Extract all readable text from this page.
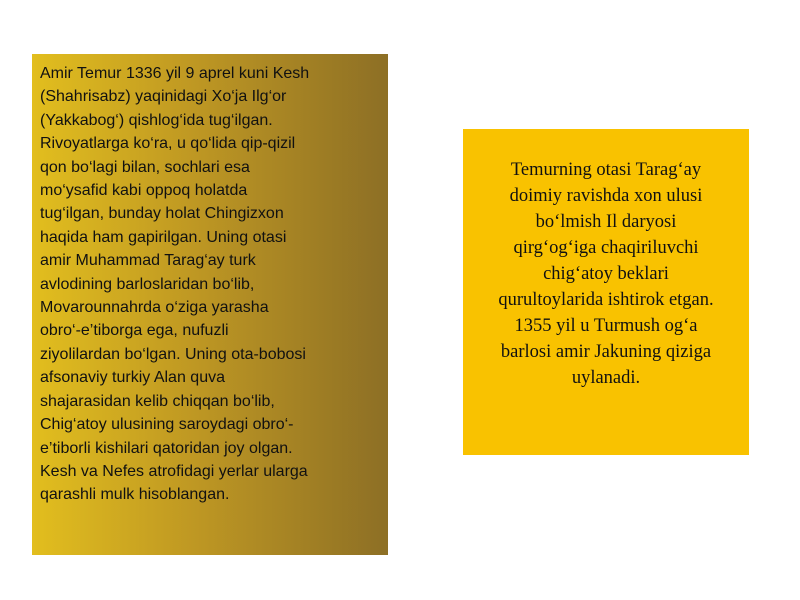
Amir Temur 1336 yil 9 aprel kuni Kesh
(Shahrisabz) yaqinidagi Xo‘ja Ilg‘or
(Yakkabog‘) qishlog‘ida tug‘ilgan.
Rivoyatlarga ko‘ra, u qo‘lida qip-qizil
qon bo‘lagi bilan, sochlari esa
mo‘ysafid kabi oppoq holatda
tug‘ilgan, bunday holat Chingizxon
haqida ham gapirilgan. Uning otasi
amir Muhammad Tarag‘ay turk
avlodining barloslaridan bo‘lib,
Movarounnahrda o‘ziga yarasha
obro‘-e’tiborga ega, nufuzli
ziyolilardan bo‘lgan. Uning ota-bobosi
afsonaviy turkiy Alan quva
shajarasidan kelib chiqqan bo‘lib,
Chig‘atoy ulusining saroydagi obro‘-
e’tiborli kishilari qatoridan joy olgan.
Kesh va Nefes atrofidagi yerlar ularga
qarashli mulk hisoblangan.

Temurning otasi Tarag‘ay
doimiy ravishda xon ulusi
bo‘lmish Il daryosi
qirg‘og‘iga chaqiriluvchi
chig‘atoy beklari
qurultoylarida ishtirok etgan.
1355 yil u Turmush og‘a
barlosi amir Jakuning qiziga
uylanadi.
